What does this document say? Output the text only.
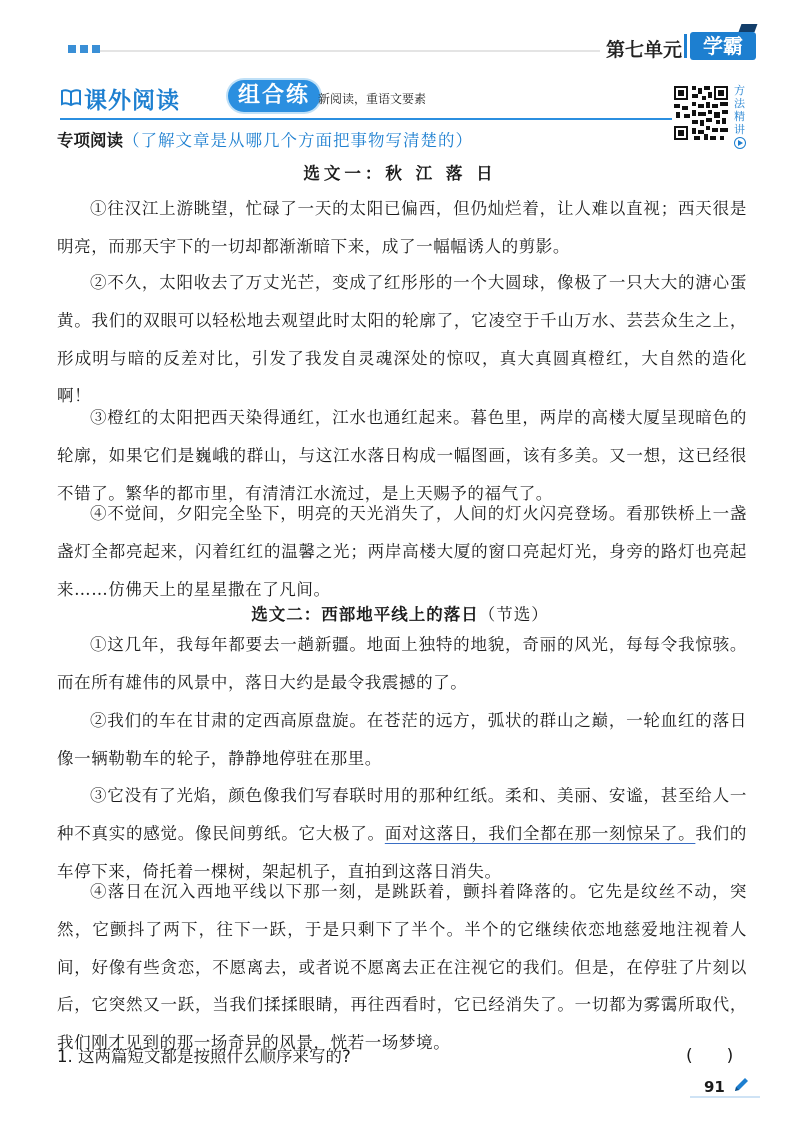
第七单元	学霸
课外阅读	组合练 新阅读，重语文要素
方法精讲
专项阅读（了解文章是从哪几个方面把事物写清楚的）
选文一：秋 江 落 日

①往汉江上游眺望，忙碌了一天的太阳已偏西，但仍灿烂着，让人难以直视；西天很是明亮，而那天宇下的一切却都渐渐暗下来，成了一幅幅诱人的剪影。

②不久，太阳收去了万丈光芒，变成了红彤彤的一个大圆球，像极了一只大大的溏心蛋黄。我们的双眼可以轻松地去观望此时太阳的轮廓了，它凌空于千山万水、芸芸众生之上，形成明与暗的反差对比，引发了我发自灵魂深处的惊叹，真大真圆真橙红，大自然的造化啊！

③橙红的太阳把西天染得通红，江水也通红起来。暮色里，两岸的高楼大厦呈现暗色的轮廓，如果它们是巍峨的群山，与这江水落日构成一幅图画，该有多美。又一想，这已经很不错了。繁华的都市里，有清清江水流过，是上天赐予的福气了。

④不觉间，夕阳完全坠下，明亮的天光消失了，人间的灯火闪亮登场。看那铁桥上一盏盏灯全都亮起来，闪着红红的温馨之光；两岸高楼大厦的窗口亮起灯光，身旁的路灯也亮起来……仿佛天上的星星撒在了凡间。

选文二：西部地平线上的落日（节选）

①这几年，我每年都要去一趟新疆。地面上独特的地貌，奇丽的风光，每每令我惊骇。而在所有雄伟的风景中，落日大约是最令我震撼的了。

②我们的车在甘肃的定西高原盘旋。在苍茫的远方，弧状的群山之巅，一轮血红的落日像一辆勒勒车的轮子，静静地停驻在那里。

③它没有了光焰，颜色像我们写春联时用的那种红纸。柔和、美丽、安谧，甚至给人一种不真实的感觉。像民间剪纸。它大极了。面对这落日，我们全都在那一刻惊呆了。我们的车停下来，倚托着一棵树，架起机子，直拍到这落日消失。

④落日在沉入西地平线以下那一刻，是跳跃着，颤抖着降落的。它先是纹丝不动，突然，它颤抖了两下，往下一跃，于是只剩下了半个。半个的它继续依恋地慈爱地注视着人间，好像有些贪恋，不愿离去，或者说不愿离去正在注视它的我们。但是，在停驻了片刻以后，它突然又一跃，当我们揉揉眼睛，再往西看时，它已经消失了。一切都为雾霭所取代，我们刚才见到的那一场奇异的风景，恍若一场梦境。

1. 这两篇短文都是按照什么顺序来写的?	(　　)
91
